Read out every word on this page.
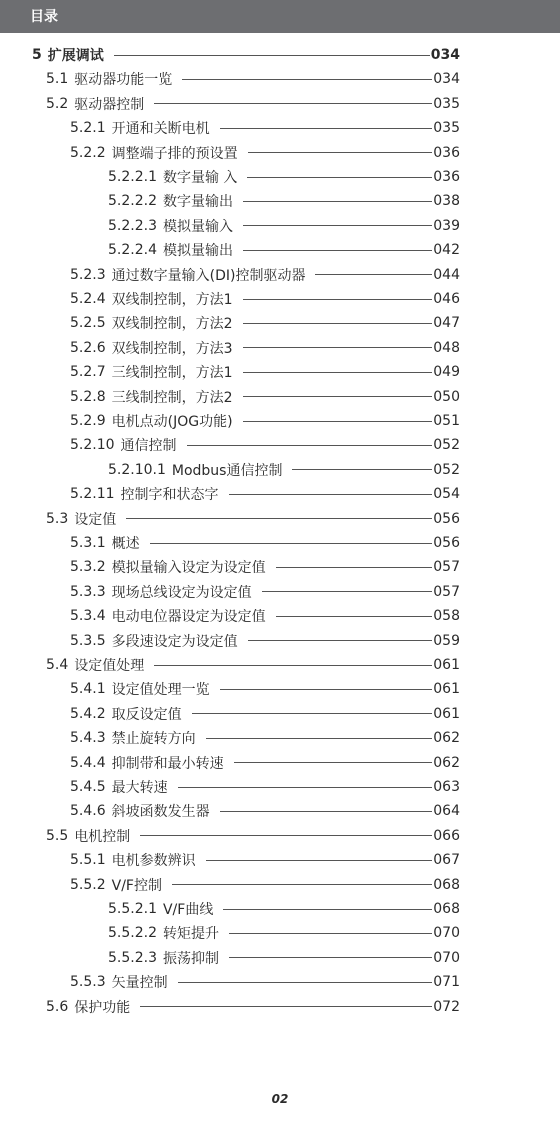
目录
5 扩展调试	034
5.1 驱动器功能一览	034
5.2 驱动器控制	035
5.2.1 开通和关断电机	035
5.2.2 调整端子排的预设置	036
5.2.2.1 数字量输 入	036
5.2.2.2 数字量输出	038
5.2.2.3 模拟量输入	039
5.2.2.4 模拟量输出	042
5.2.3 通过数字量输入(DI)控制驱动器	044
5.2.4 双线制控制，方法1	046
5.2.5 双线制控制，方法2	047
5.2.6 双线制控制，方法3	048
5.2.7 三线制控制，方法1	049
5.2.8 三线制控制，方法2	050
5.2.9 电机点动(JOG功能)	051
5.2.10 通信控制	052
5.2.10.1 Modbus通信控制	052
5.2.11 控制字和状态字	054
5.3 设定值	056
5.3.1 概述	056
5.3.2 模拟量输入设定为设定值	057
5.3.3 现场总线设定为设定值	057
5.3.4 电动电位器设定为设定值	058
5.3.5 多段速设定为设定值	059
5.4 设定值处理	061
5.4.1 设定值处理一览	061
5.4.2 取反设定值	061
5.4.3 禁止旋转方向	062
5.4.4 抑制带和最小转速	062
5.4.5 最大转速	063
5.4.6 斜坡函数发生器	064
5.5 电机控制	066
5.5.1 电机参数辨识	067
5.5.2 V/F控制	068
5.5.2.1 V/F曲线	068
5.5.2.2 转矩提升	070
5.5.2.3 振荡抑制	070
5.5.3 矢量控制	071
5.6 保护功能	072
02
